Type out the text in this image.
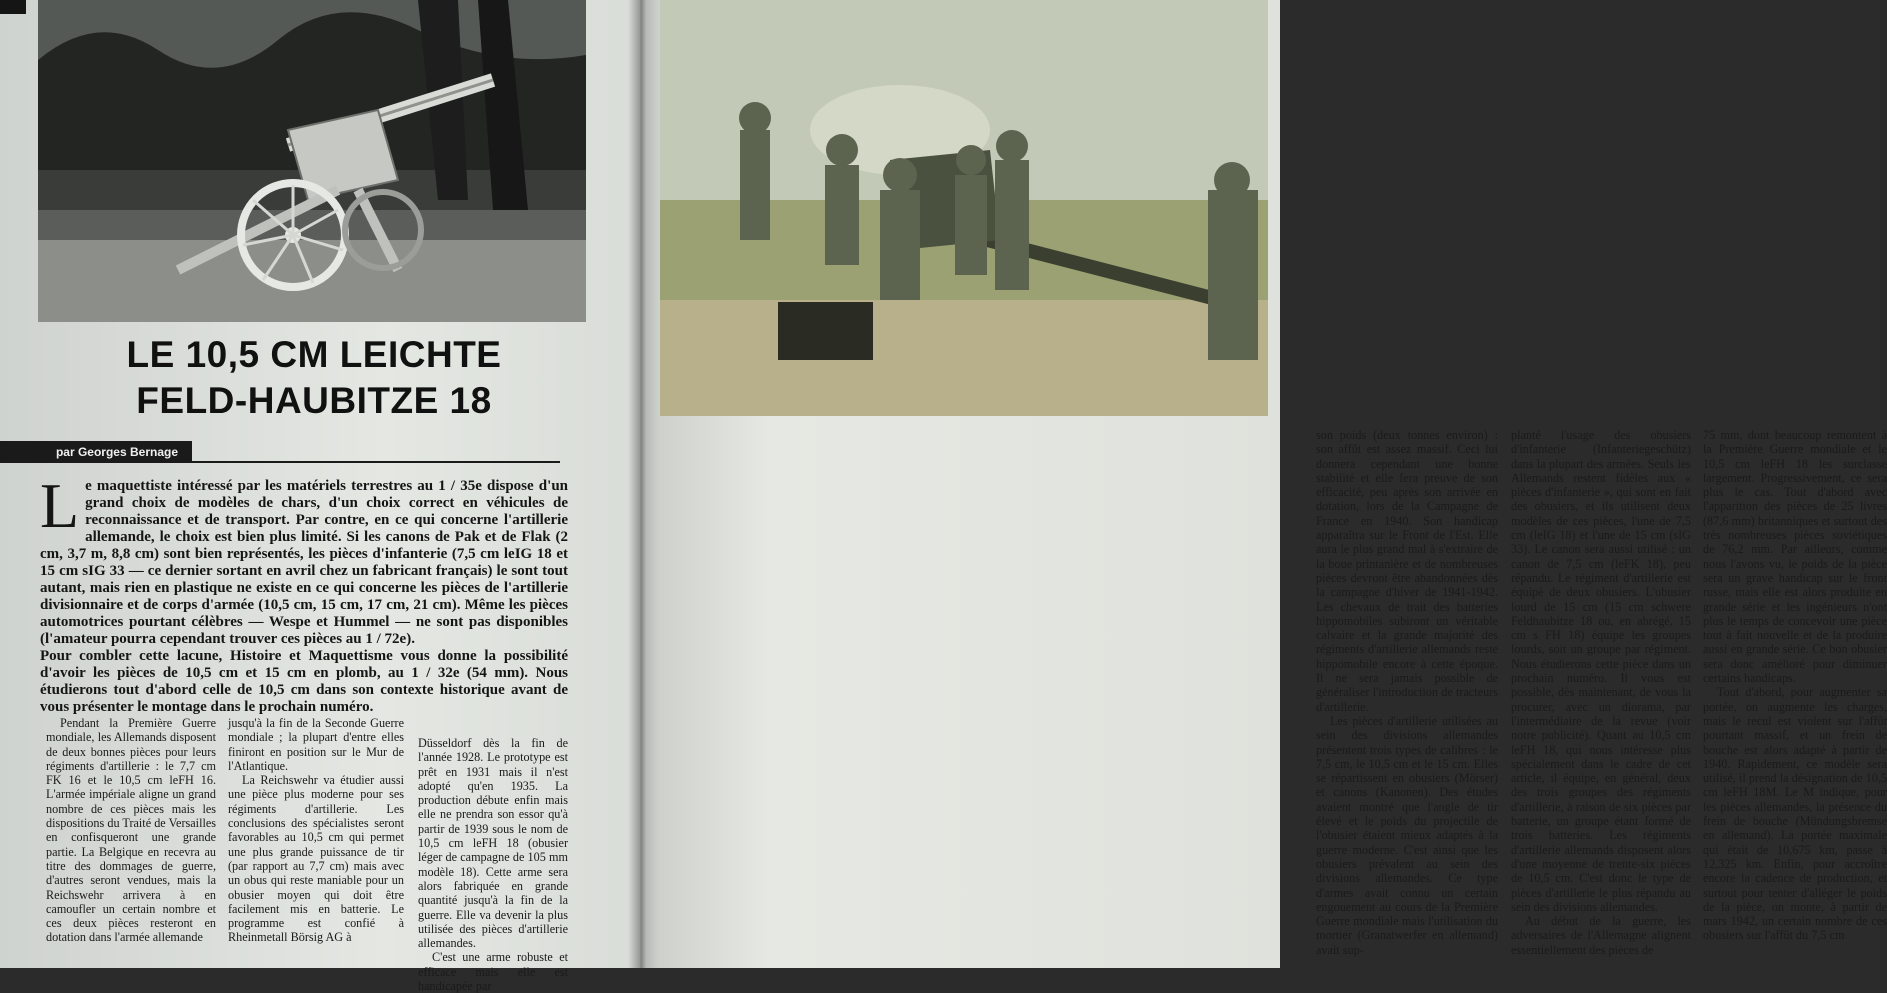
LE 10,5 CM LEICHTE
FELD-HAUBITZE 18
par Georges Bernage
L e maquettiste intéressé par les matériels terrestres au 1 / 35e dispose d'un grand choix de modèles de chars, d'un choix correct en véhicules de reconnaissance et de transport. Par contre, en ce qui concerne l'artillerie allemande, le choix est bien plus limité. Si les canons de Pak et de Flak (2 cm, 3,7 m, 8,8 cm) sont bien représentés, les pièces d'infanterie (7,5 cm leIG 18 et 15 cm sIG 33 — ce dernier sortant en avril chez un fabricant français) le sont tout autant, mais rien en plastique ne existe en ce qui concerne les pièces de l'artillerie divisionnaire et de corps d'armée (10,5 cm, 15 cm, 17 cm, 21 cm). Même les pièces automotrices pourtant célèbres — Wespe et Hummel — ne sont pas disponibles (l'amateur pourra cependant trouver ces pièces au 1 / 72e).
Pour combler cette lacune, Histoire et Maquettisme vous donne la possibilité d'avoir les pièces de 10,5 cm et 15 cm en plomb, au 1 / 32e (54 mm). Nous étudierons tout d'abord celle de 10,5 cm dans son contexte historique avant de vous présenter le montage dans le prochain numéro.

Pendant la Première Guerre mondiale, les Allemands disposent de deux bonnes pièces pour leurs régiments d'artillerie : le 7,7 cm FK 16 et le 10,5 cm leFH 16. L'armée impériale aligne un grand nombre de ces pièces mais les dispositions du Traité de Versailles en confisqueront une grande partie. La Belgique en recevra au titre des dommages de guerre, d'autres seront vendues, mais la Reichswehr arrivera à en camoufler un certain nombre et ces deux pièces resteront en dotation dans l'armée allemande

jusqu'à la fin de la Seconde Guerre mondiale ; la plupart d'entre elles finiront en position sur le Mur de l'Atlantique.

La Reichswehr va étudier aussi une pièce plus moderne pour ses régiments d'artillerie. Les conclusions des spécialistes seront favorables au 10,5 cm qui permet une plus grande puissance de tir (par rapport au 7,7 cm) mais avec un obus qui reste maniable pour un obusier moyen qui doit être facilement mis en batterie. Le programme est confié à Rheinmetall Börsig AG à

Düsseldorf dès la fin de l'année 1928. Le prototype est prêt en 1931 mais il n'est adopté qu'en 1935. La production débute enfin mais elle ne prendra son essor qu'à partir de 1939 sous le nom de 10,5 cm leFH 18 (obusier léger de campagne de 105 mm modèle 18). Cette arme sera alors fabriquée en grande quantité jusqu'à la fin de la guerre. Elle va devenir la plus utilisée des pièces d'artillerie allemandes.

C'est une arme robuste et efficace mais elle est handicapée par

son poids (deux tonnes environ) : son affût est assez massif. Ceci lui donnera cependant une bonne stabilité et elle fera preuve de son efficacité, peu après son arrivée en dotation, lors de la Campagne de France en 1940. Son handicap apparaîtra sur le Front de l'Est. Elle aura le plus grand mal à s'extraire de la boue printanière et de nombreuses pièces devront être abandonnées dès la campagne d'hiver de 1941-1942. Les chevaux de trait des batteries hippomobiles subiront un véritable calvaire et la grande majorité des régiments d'artillerie allemands reste hippomobile encore à cette époque. Il ne sera jamais possible de généraliser l'introduction de tracteurs d'artillerie.

Les pièces d'artillerie utilisées au sein des divisions allemandes présentent trois types de calibres : le 7,5 cm, le 10,5 cm et le 15 cm. Elles se répartissent en obusiers (Mörser) et canons (Kanonen). Des études avaient montré que l'angle de tir élevé et le poids du projectile de l'obusier étaient mieux adaptés à la guerre moderne. C'est ainsi que les obusiers prévalent au sein des divisions allemandes. Ce type d'armes avait connu un certain engouement au cours de la Première Guerre mondiale mais l'utilisation du mortier (Granatwerfer en allemand) avait sup-

planté l'usage des obusiers d'infanterie (Infanteriegeschütz) dans la plupart des armées. Seuls les Allemands restent fidèles aux « pièces d'infanterie », qui sont en fait des obusiers, et ils utilisent deux modèles de ces pièces, l'une de 7,5 cm (leIG 18) et l'une de 15 cm (sIG 33). Le canon sera aussi utilisé : un canon de 7,5 cm (leFK 18), peu répandu. Le régiment d'artillerie est équipé de deux obusiers. L'obusier lourd de 15 cm (15 cm schwere Feldhaubitze 18 ou, en abrégé, 15 cm s FH 18) équipe les groupes lourds, soit un groupe par régiment. Nous étudierons cette pièce dans un prochain numéro. Il vous est possible, dès maintenant, de vous la procurer, avec un diorama, par l'intermédiaire de la revue (voir notre publicité). Quant au 10,5 cm leFH 18, qui nous intéresse plus spécialement dans le cadre de cet article, il équipe, en général, deux des trois groupes des régiments d'artillerie, à raison de six pièces par batterie, un groupe étant formé de trois batteries. Les régiments d'artillerie allemands disposent alors d'une moyenne de trente-six pièces de 10,5 cm. C'est donc le type de pièces d'artillerie le plus répandu au sein des divisions allemandes.

Au début de la guerre, les adversaires de l'Allemagne alignent essentiellement des pièces de

75 mm, dont beaucoup remontent à la Première Guerre mondiale et le 10,5 cm leFH 18 les surclasse largement. Progressivement, ce sera plus le cas. Tout d'abord avec l'apparition des pièces de 25 livres (87,6 mm) britanniques et surtout des très nombreuses pièces soviétiques de 76,2 mm. Par ailleurs, comme nous l'avons vu, le poids de la pièce sera un grave handicap sur le front russe, mais elle est alors produite en grande série et les ingénieurs n'ont plus le temps de concevoir une pièce tout à fait nouvelle et de la produire aussi en grande série. Ce bon obusier sera donc amélioré pour diminuer certains handicaps.

Tout d'abord, pour augmenter sa portée, on augmente les charges, mais le recul est violent sur l'affût pourtant massif, et un frein de bouche est alors adapté à partir de 1940. Rapidement, ce modèle sera utilisé, il prend la désignation de 10,5 cm leFH 18M. Le M indique, pour les pièces allemandes, la présence du frein de bouche (Mündungsbremse en allemand). La portée maximale qui était de 10,675 km, passe à 12,325 km. Enfin, pour accroître encore la cadence de production, et surtout pour tenter d'alléger le poids de la pièce, on monte, à partir de mars 1942, un certain nombre de ces obusiers sur l'affût du 7,5 cm
